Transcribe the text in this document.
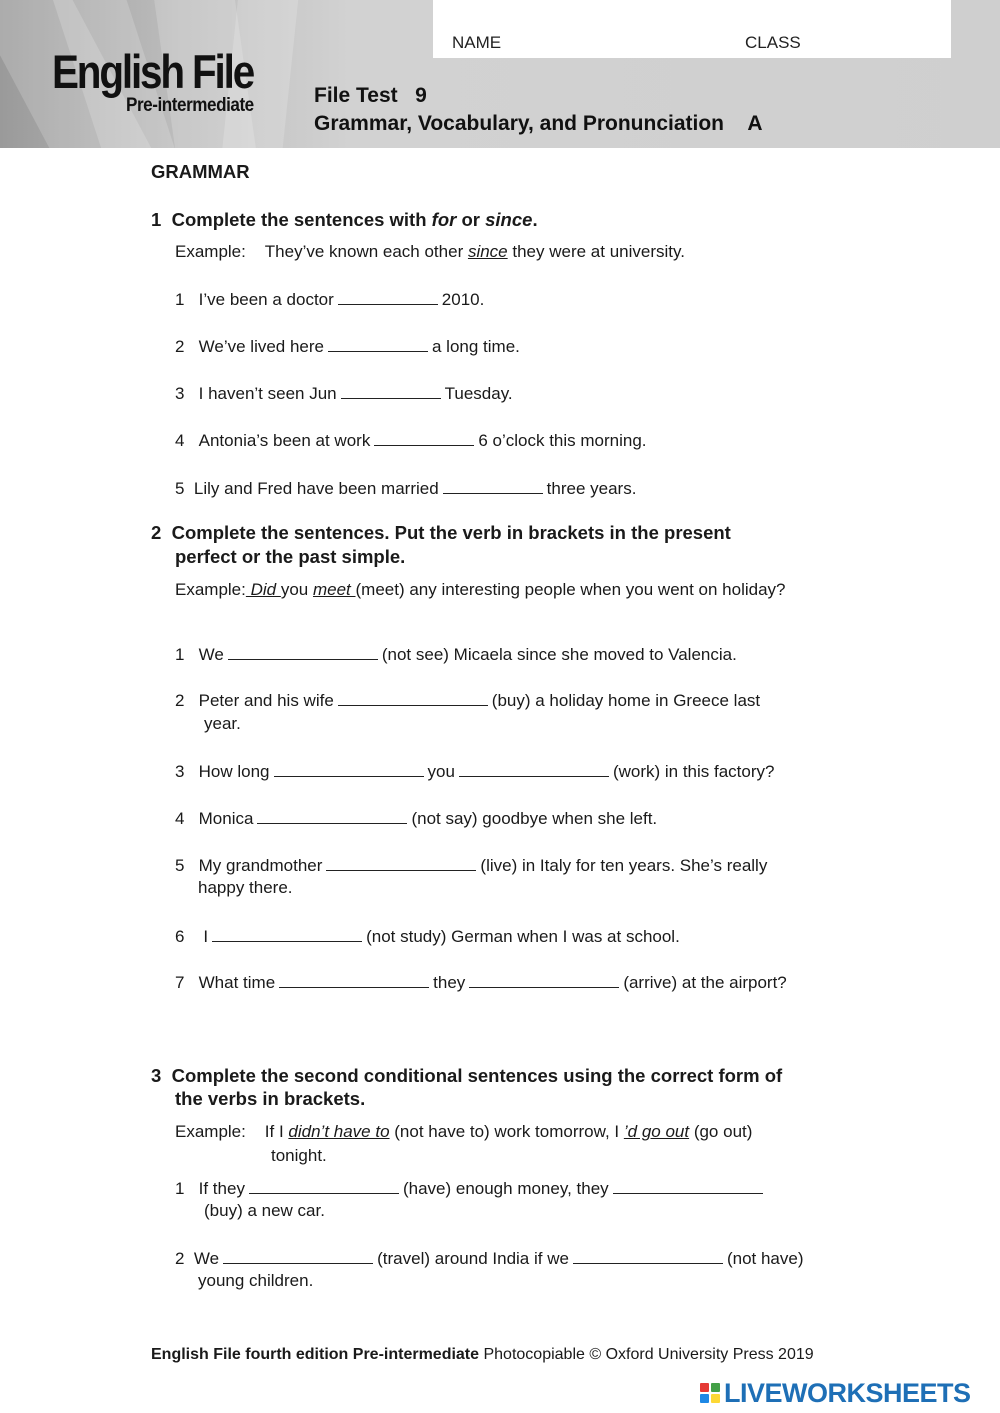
English File
Pre-intermediate
NAME	CLASS
File Test 9
Grammar, Vocabulary, and Pronunciation A
GRAMMAR
1 Complete the sentences with for or since.
Example: They’ve known each other since they were at university.
1 I’ve been a doctor	2010.
2 We’ve lived here	a long time.
3 I haven’t seen Jun	Tuesday.
4 Antonia’s been at work	6 o’clock this morning.
5 Lily and Fred have been married	three years.
2 Complete the sentences. Put the verb in brackets in the present
perfect or the past simple.
Example: Did you meet (meet) any interesting people when you went on holiday?
1 We	(not see) Micaela since she moved to Valencia.
2 Peter and his wife	(buy) a holiday home in Greece last
year.
3 How long	you	(work) in this factory?
4 Monica	(not say) goodbye when she left.
5 My grandmother	(live) in Italy for ten years. She’s really
happy there.
6 I	(not study) German when I was at school.
7 What time	they	(arrive) at the airport?
3 Complete the second conditional sentences using the correct form of
the verbs in brackets.
Example: If I didn’t have to (not have to) work tomorrow, I ’d go out (go out)
tonight.
1 If they	(have) enough money, they
(buy) a new car.
2 We	(travel) around India if we	(not have)
young children.
English File fourth edition Pre-intermediate Photocopiable © Oxford University Press 2019
LIVEWORKSHEETS
